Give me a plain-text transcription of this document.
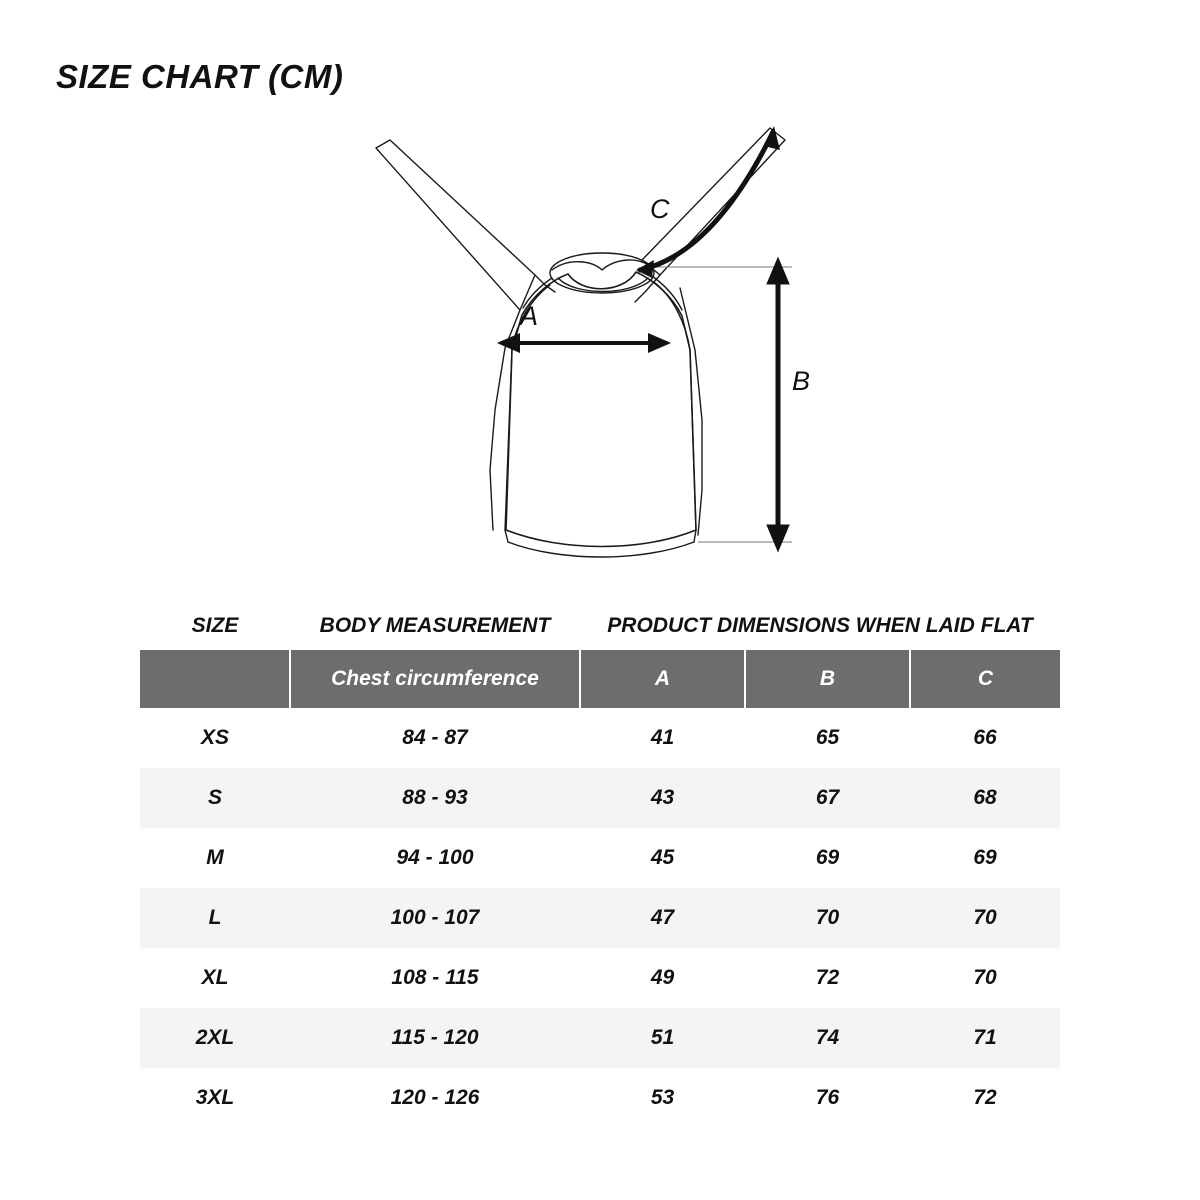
SIZE CHART (CM)
A
B
C
SIZE	BODY MEASUREMENT	PRODUCT DIMENSIONS WHEN LAID FLAT		
	Chest circumference	A	B	C
XS	84 - 87	41	65	66
S	88 - 93	43	67	68
M	94 - 100	45	69	69
L	100 - 107	47	70	70
XL	108 - 115	49	72	70
2XL	115 - 120	51	74	71
3XL	120 - 126	53	76	72
